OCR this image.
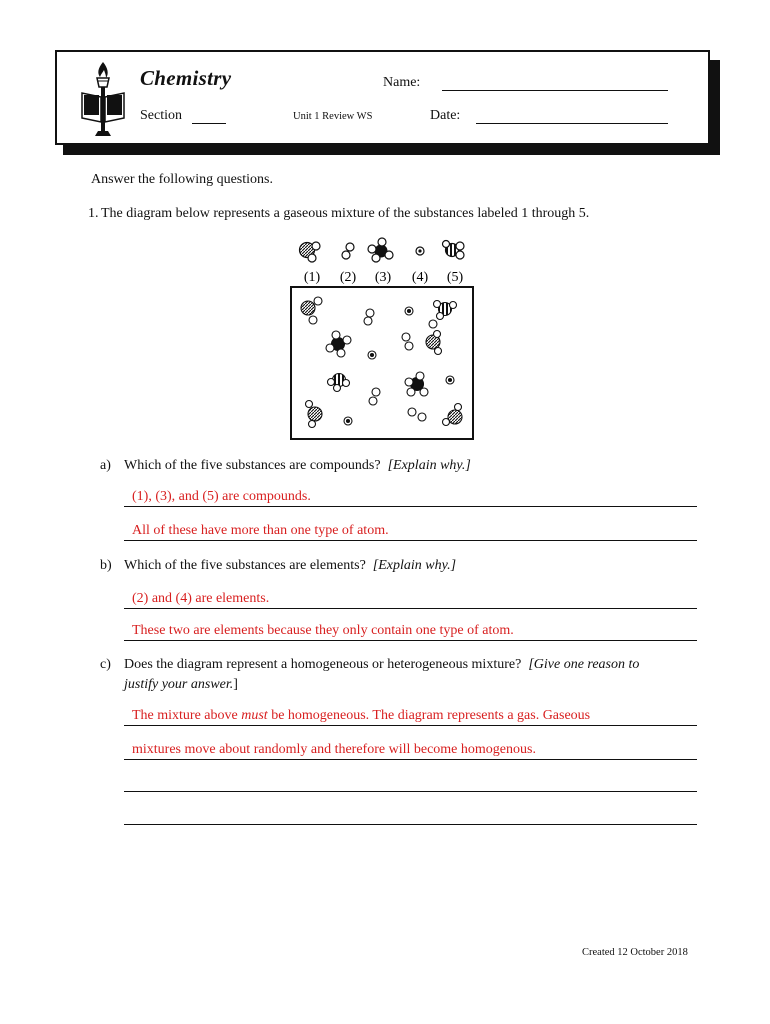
Chemistry
Section	Unit 1 Review WS
Name:
Date:
Answer the following questions.
1. The diagram below represents a gaseous mixture of the substances labeled 1 through 5.
(1) (2) (3) (4) (5)
a) Which of the five substances are compounds? [Explain why.]
(1), (3), and (5) are compounds.
All of these have more than one type of atom.
b) Which of the five substances are elements? [Explain why.]
(2) and (4) are elements.
These two are elements because they only contain one type of atom.
c) Does the diagram represent a homogeneous or heterogeneous mixture? [Give one reason to
justify your answer.]
The mixture above must be homogeneous. The diagram represents a gas. Gaseous
mixtures move about randomly and therefore will become homogenous.
Created 12 October 2018
